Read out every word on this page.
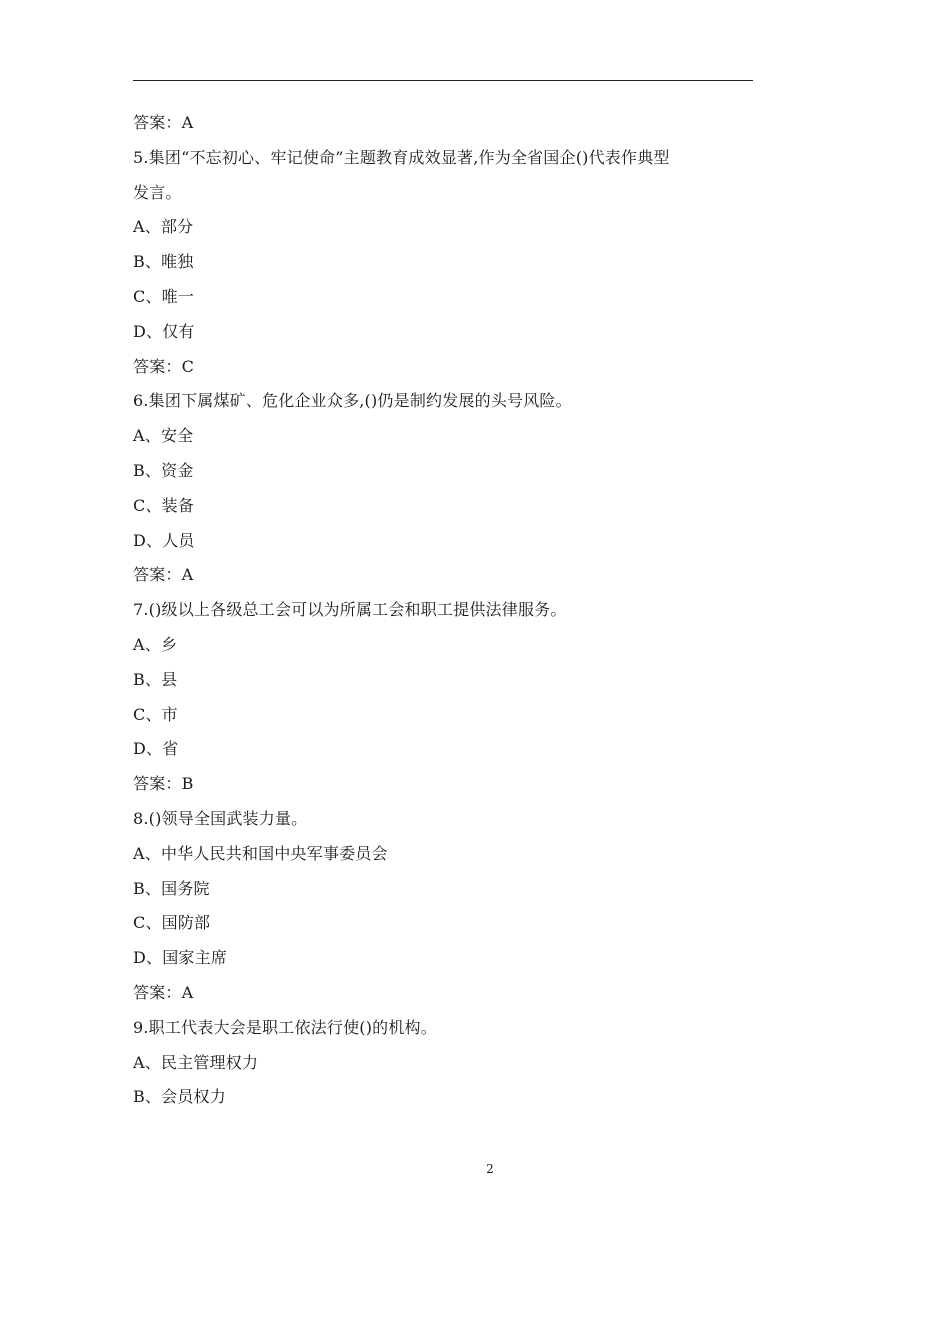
答案：A
5.集团“不忘初心、牢记使命”主题教育成效显著,作为全省国企()代表作典型
发言。
A、部分
B、唯独
C、唯一
D、仅有
答案：C
6.集团下属煤矿、危化企业众多,()仍是制约发展的头号风险。
A、安全
B、资金
C、装备
D、人员
答案：A
7.()级以上各级总工会可以为所属工会和职工提供法律服务。
A、乡
B、县
C、市
D、省
答案：B
8.()领导全国武装力量。
A、中华人民共和国中央军事委员会
B、国务院
C、国防部
D、国家主席
答案：A
9.职工代表大会是职工依法行使()的机构。
A、民主管理权力
B、会员权力
2
